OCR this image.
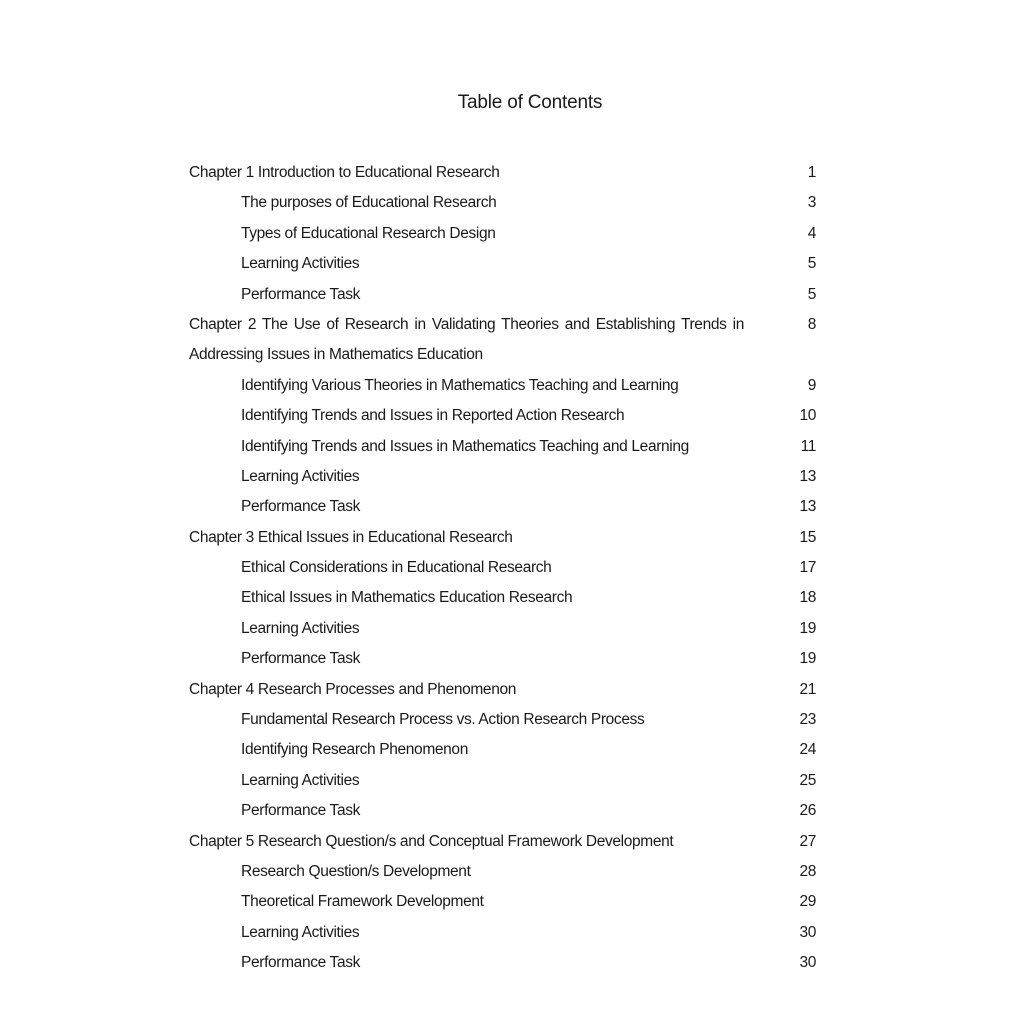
Table of Contents
Chapter 1 Introduction to Educational Research	1
The purposes of Educational Research	3
Types of Educational Research Design	4
Learning Activities	5
Performance Task	5
Chapter 2 The Use of Research in Validating Theories and Establishing Trends in	8
Addressing Issues in Mathematics Education
Identifying Various Theories in Mathematics Teaching and Learning	9
Identifying Trends and Issues in Reported Action Research	10
Identifying Trends and Issues in Mathematics Teaching and Learning	11
Learning Activities	13
Performance Task	13
Chapter 3 Ethical Issues in Educational Research	15
Ethical Considerations in Educational Research	17
Ethical Issues in Mathematics Education Research	18
Learning Activities	19
Performance Task	19
Chapter 4 Research Processes and Phenomenon	21
Fundamental Research Process vs. Action Research Process	23
Identifying Research Phenomenon	24
Learning Activities	25
Performance Task	26
Chapter 5 Research Question/s and Conceptual Framework Development	27
Research Question/s Development	28
Theoretical Framework Development	29
Learning Activities	30
Performance Task	30
